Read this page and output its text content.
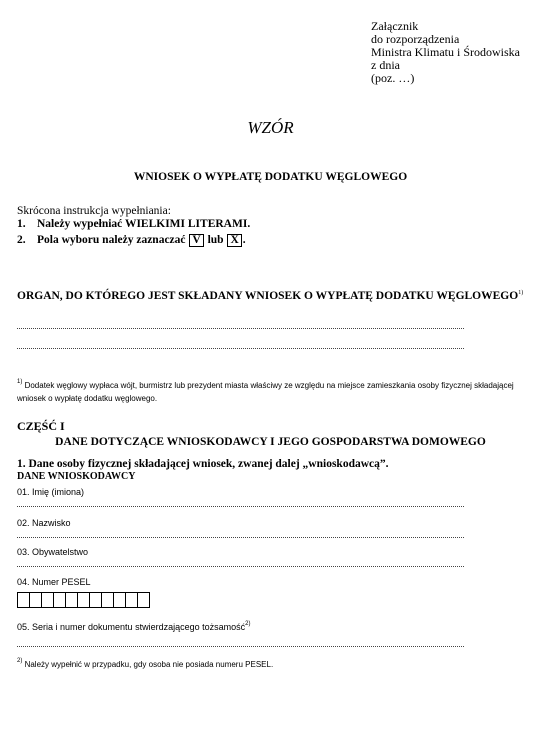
Załącznik
do rozporządzenia
Ministra Klimatu i Środowiska
z dnia
(poz. …)
WZÓR
WNIOSEK O WYPŁATĘ DODATKU WĘGLOWEGO
Skrócona instrukcja wypełniania:
1. Należy wypełniać WIELKIMI LITERAMI.
2. Pola wyboru należy zaznaczać V lub X .
ORGAN, DO KTÓREGO JEST SKŁADANY WNIOSEK O WYPŁATĘ DODATKU WĘGLOWEGO$^{1)}$
$^{1)}$ Dodatek węglowy wypłaca wójt, burmistrz lub prezydent miasta właściwy ze względu na miejsce zamieszkania osoby fizycznej składającej wniosek o wypłatę dodatku węglowego.
CZĘŚĆ I
DANE DOTYCZĄCE WNIOSKODAWCY I JEGO GOSPODARSTWA DOMOWEGO
1. Dane osoby fizycznej składającej wniosek, zwanej dalej „wnioskodawcą”.
DANE WNIOSKODAWCY
01. Imię (imiona)
02. Nazwisko
03. Obywatelstwo
04. Numer PESEL
05. Seria i numer dokumentu stwierdzającego tożsamość$^{2)}$
$^{2)}$ Należy wypełnić w przypadku, gdy osoba nie posiada numeru PESEL.
